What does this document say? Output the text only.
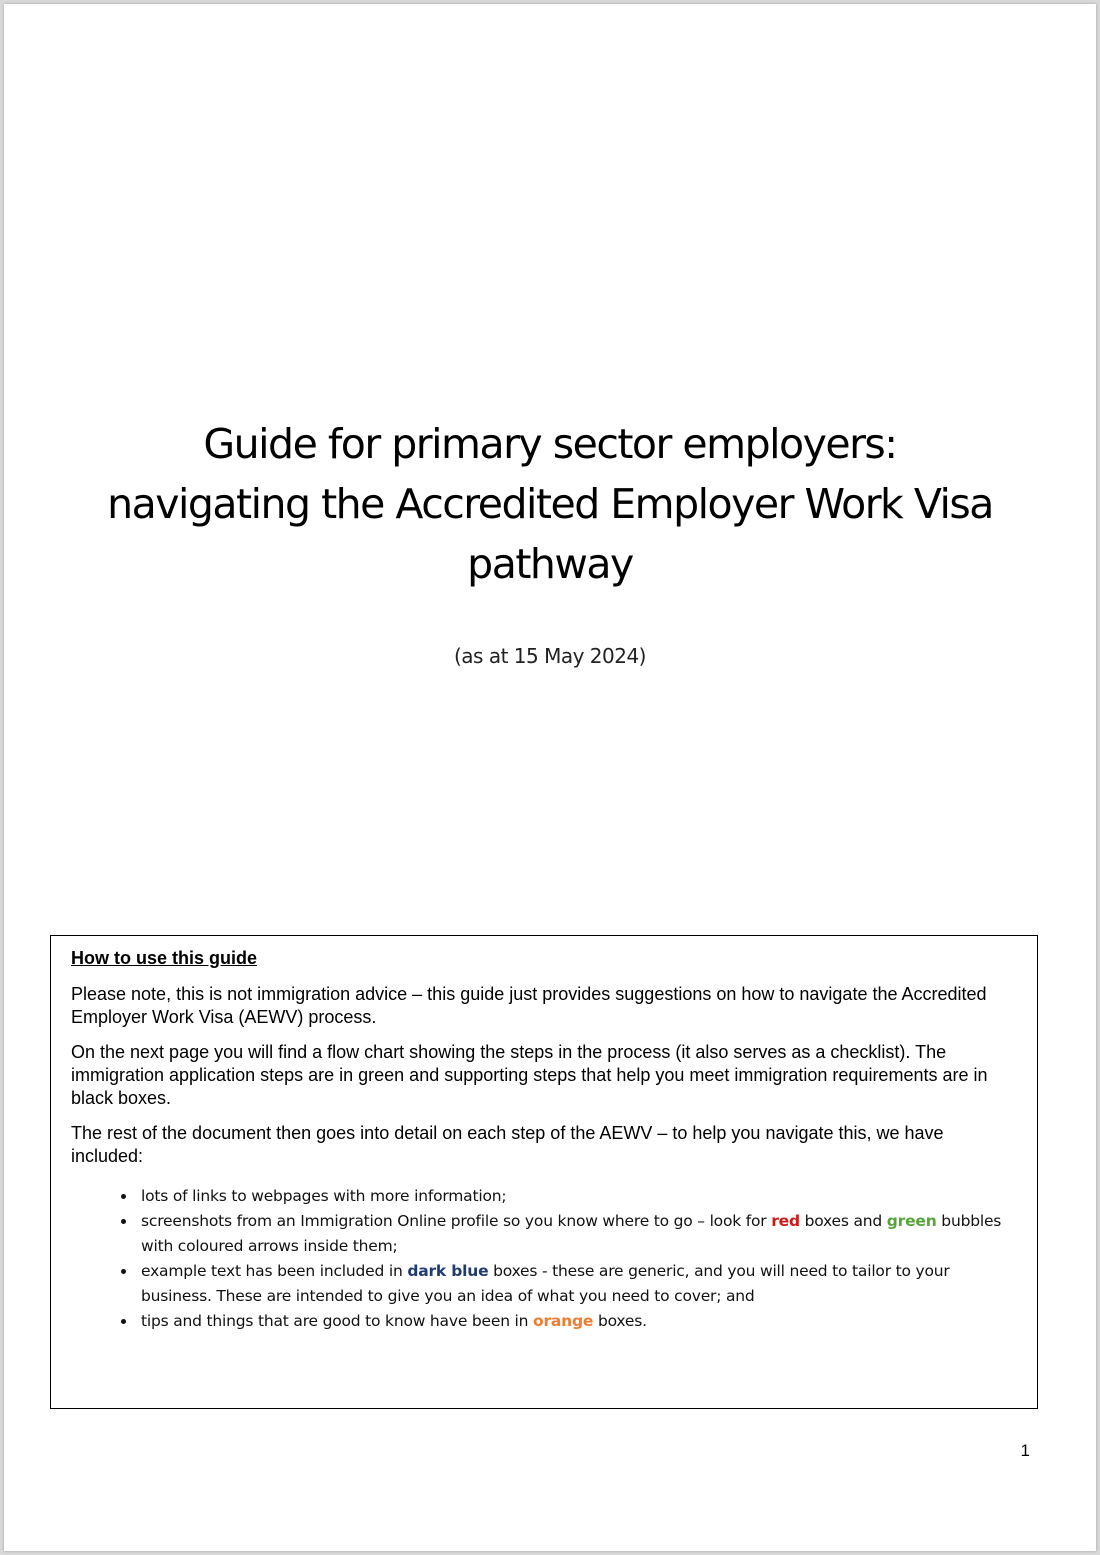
Guide for primary sector employers:
navigating the Accredited Employer Work Visa
pathway
(as at 15 May 2024)
How to use this guide

Please note, this is not immigration advice – this guide just provides suggestions on how to navigate the Accredited Employer Work Visa (AEWV) process.

On the next page you will find a flow chart showing the steps in the process (it also serves as a checklist). The immigration application steps are in green and supporting steps that help you meet immigration requirements are in black boxes.

The rest of the document then goes into detail on each step of the AEWV – to help you navigate this, we have included:

• lots of links to webpages with more information;
• screenshots from an Immigration Online profile so you know where to go – look for red boxes and green bubbles with coloured arrows inside them;
• example text has been included in dark blue boxes - these are generic, and you will need to tailor to your business. These are intended to give you an idea of what you need to cover; and
• tips and things that are good to know have been in orange boxes.
1
